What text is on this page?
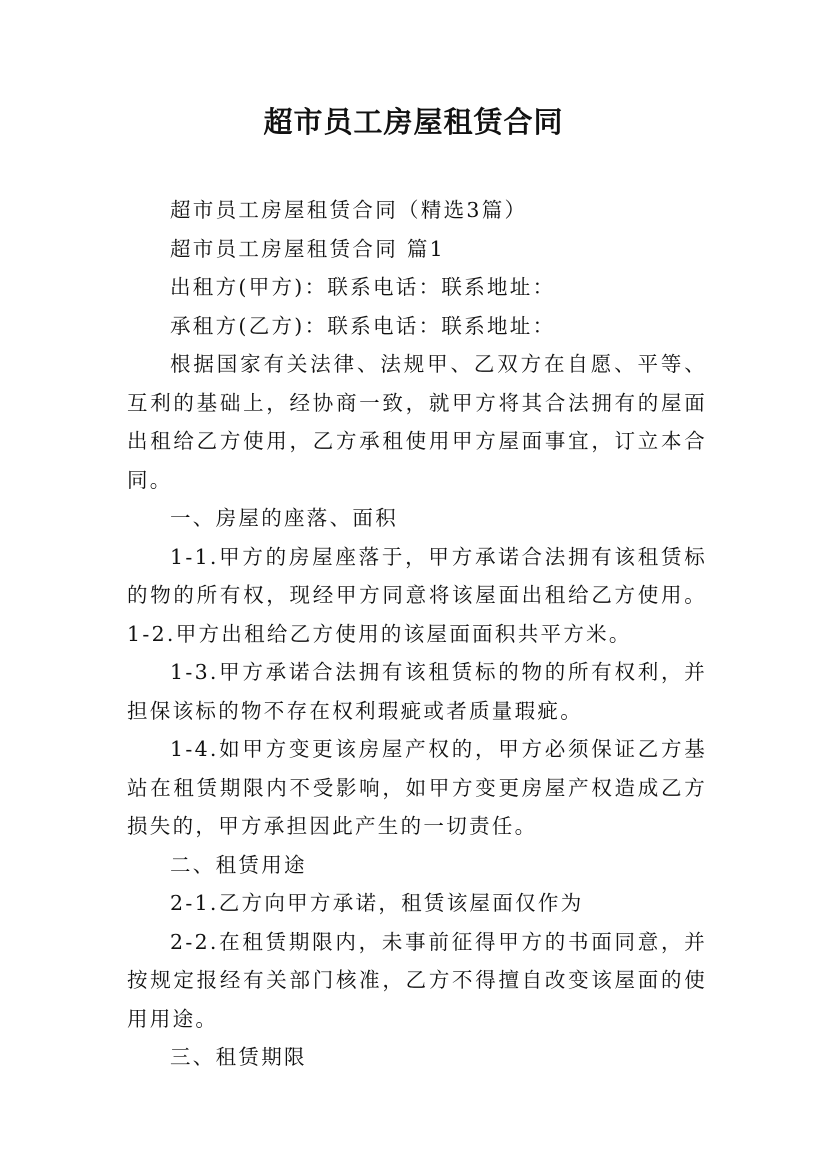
超市员工房屋租赁合同

超市员工房屋租赁合同（精选3篇）

超市员工房屋租赁合同 篇1

出租方(甲方)：联系电话：联系地址：

承租方(乙方)：联系电话：联系地址：

根据国家有关法律、法规甲、乙双方在自愿、平等、互利的基础上，经协商一致，就甲方将其合法拥有的屋面出租给乙方使用，乙方承租使用甲方屋面事宜，订立本合同。

一、房屋的座落、面积

1-1.甲方的房屋座落于，甲方承诺合法拥有该租赁标的物的所有权，现经甲方同意将该屋面出租给乙方使用。1-2.甲方出租给乙方使用的该屋面面积共平方米。

1-3.甲方承诺合法拥有该租赁标的物的所有权利，并担保该标的物不存在权利瑕疵或者质量瑕疵。

1-4.如甲方变更该房屋产权的，甲方必须保证乙方基站在租赁期限内不受影响，如甲方变更房屋产权造成乙方损失的，甲方承担因此产生的一切责任。

二、租赁用途

2-1.乙方向甲方承诺，租赁该屋面仅作为

2-2.在租赁期限内，未事前征得甲方的书面同意，并按规定报经有关部门核准，乙方不得擅自改变该屋面的使用用途。

三、租赁期限
